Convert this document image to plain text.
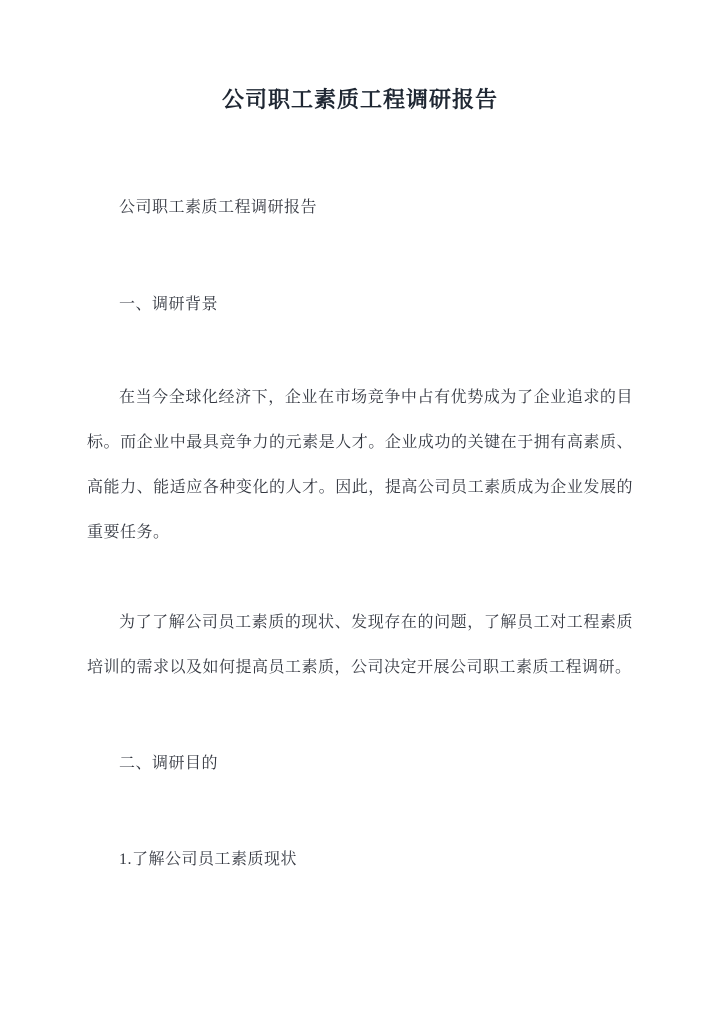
公司职工素质工程调研报告

公司职工素质工程调研报告

一、调研背景

在当今全球化经济下，企业在市场竞争中占有优势成为了企业追求的目标。而企业中最具竞争力的元素是人才。企业成功的关键在于拥有高素质、高能力、能适应各种变化的人才。因此，提高公司员工素质成为企业发展的重要任务。

为了了解公司员工素质的现状、发现存在的问题，了解员工对工程素质培训的需求以及如何提高员工素质，公司决定开展公司职工素质工程调研。

二、调研目的

1.了解公司员工素质现状
